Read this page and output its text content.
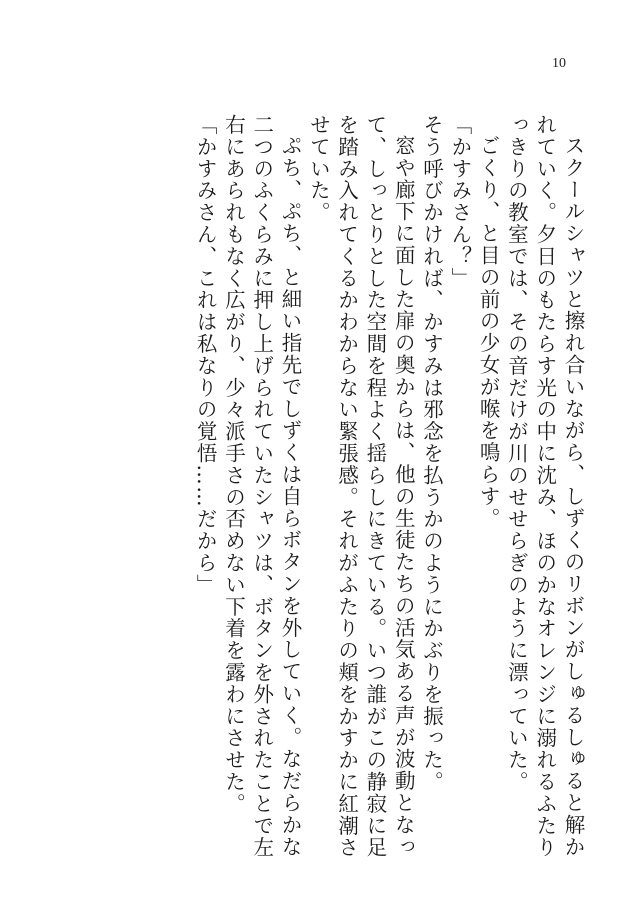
10

スクールシャツと擦れ合いながら、しずくのリボンがしゅるしゅると解かれていく。夕日のもたらす光の中に沈み、ほのかなオレンジに溺れるふたりっきりの教室では、その音だけが川のせせらぎのように漂っていた。

ごくり、と目の前の少女が喉を鳴らす。

「かすみさん？」

そう呼びかければ、かすみは邪念を払うかのようにかぶりを振った。

窓や廊下に面した扉の奥からは、他の生徒たちの活気ある声が波動となって、しっとりとした空間を程よく揺らしにきている。いつ誰がこの静寂に足を踏み入れてくるかわからない緊張感。それがふたりの頬をかすかに紅潮させていた。

ぷち、ぷち、と細い指先でしずくは自らボタンを外していく。なだらかな二つのふくらみに押し上げられていたシャツは、ボタンを外されたことで左右にあられもなく広がり、少々派手さの否めない下着を露わにさせた。

「かすみさん、これは私なりの覚悟……だから」
